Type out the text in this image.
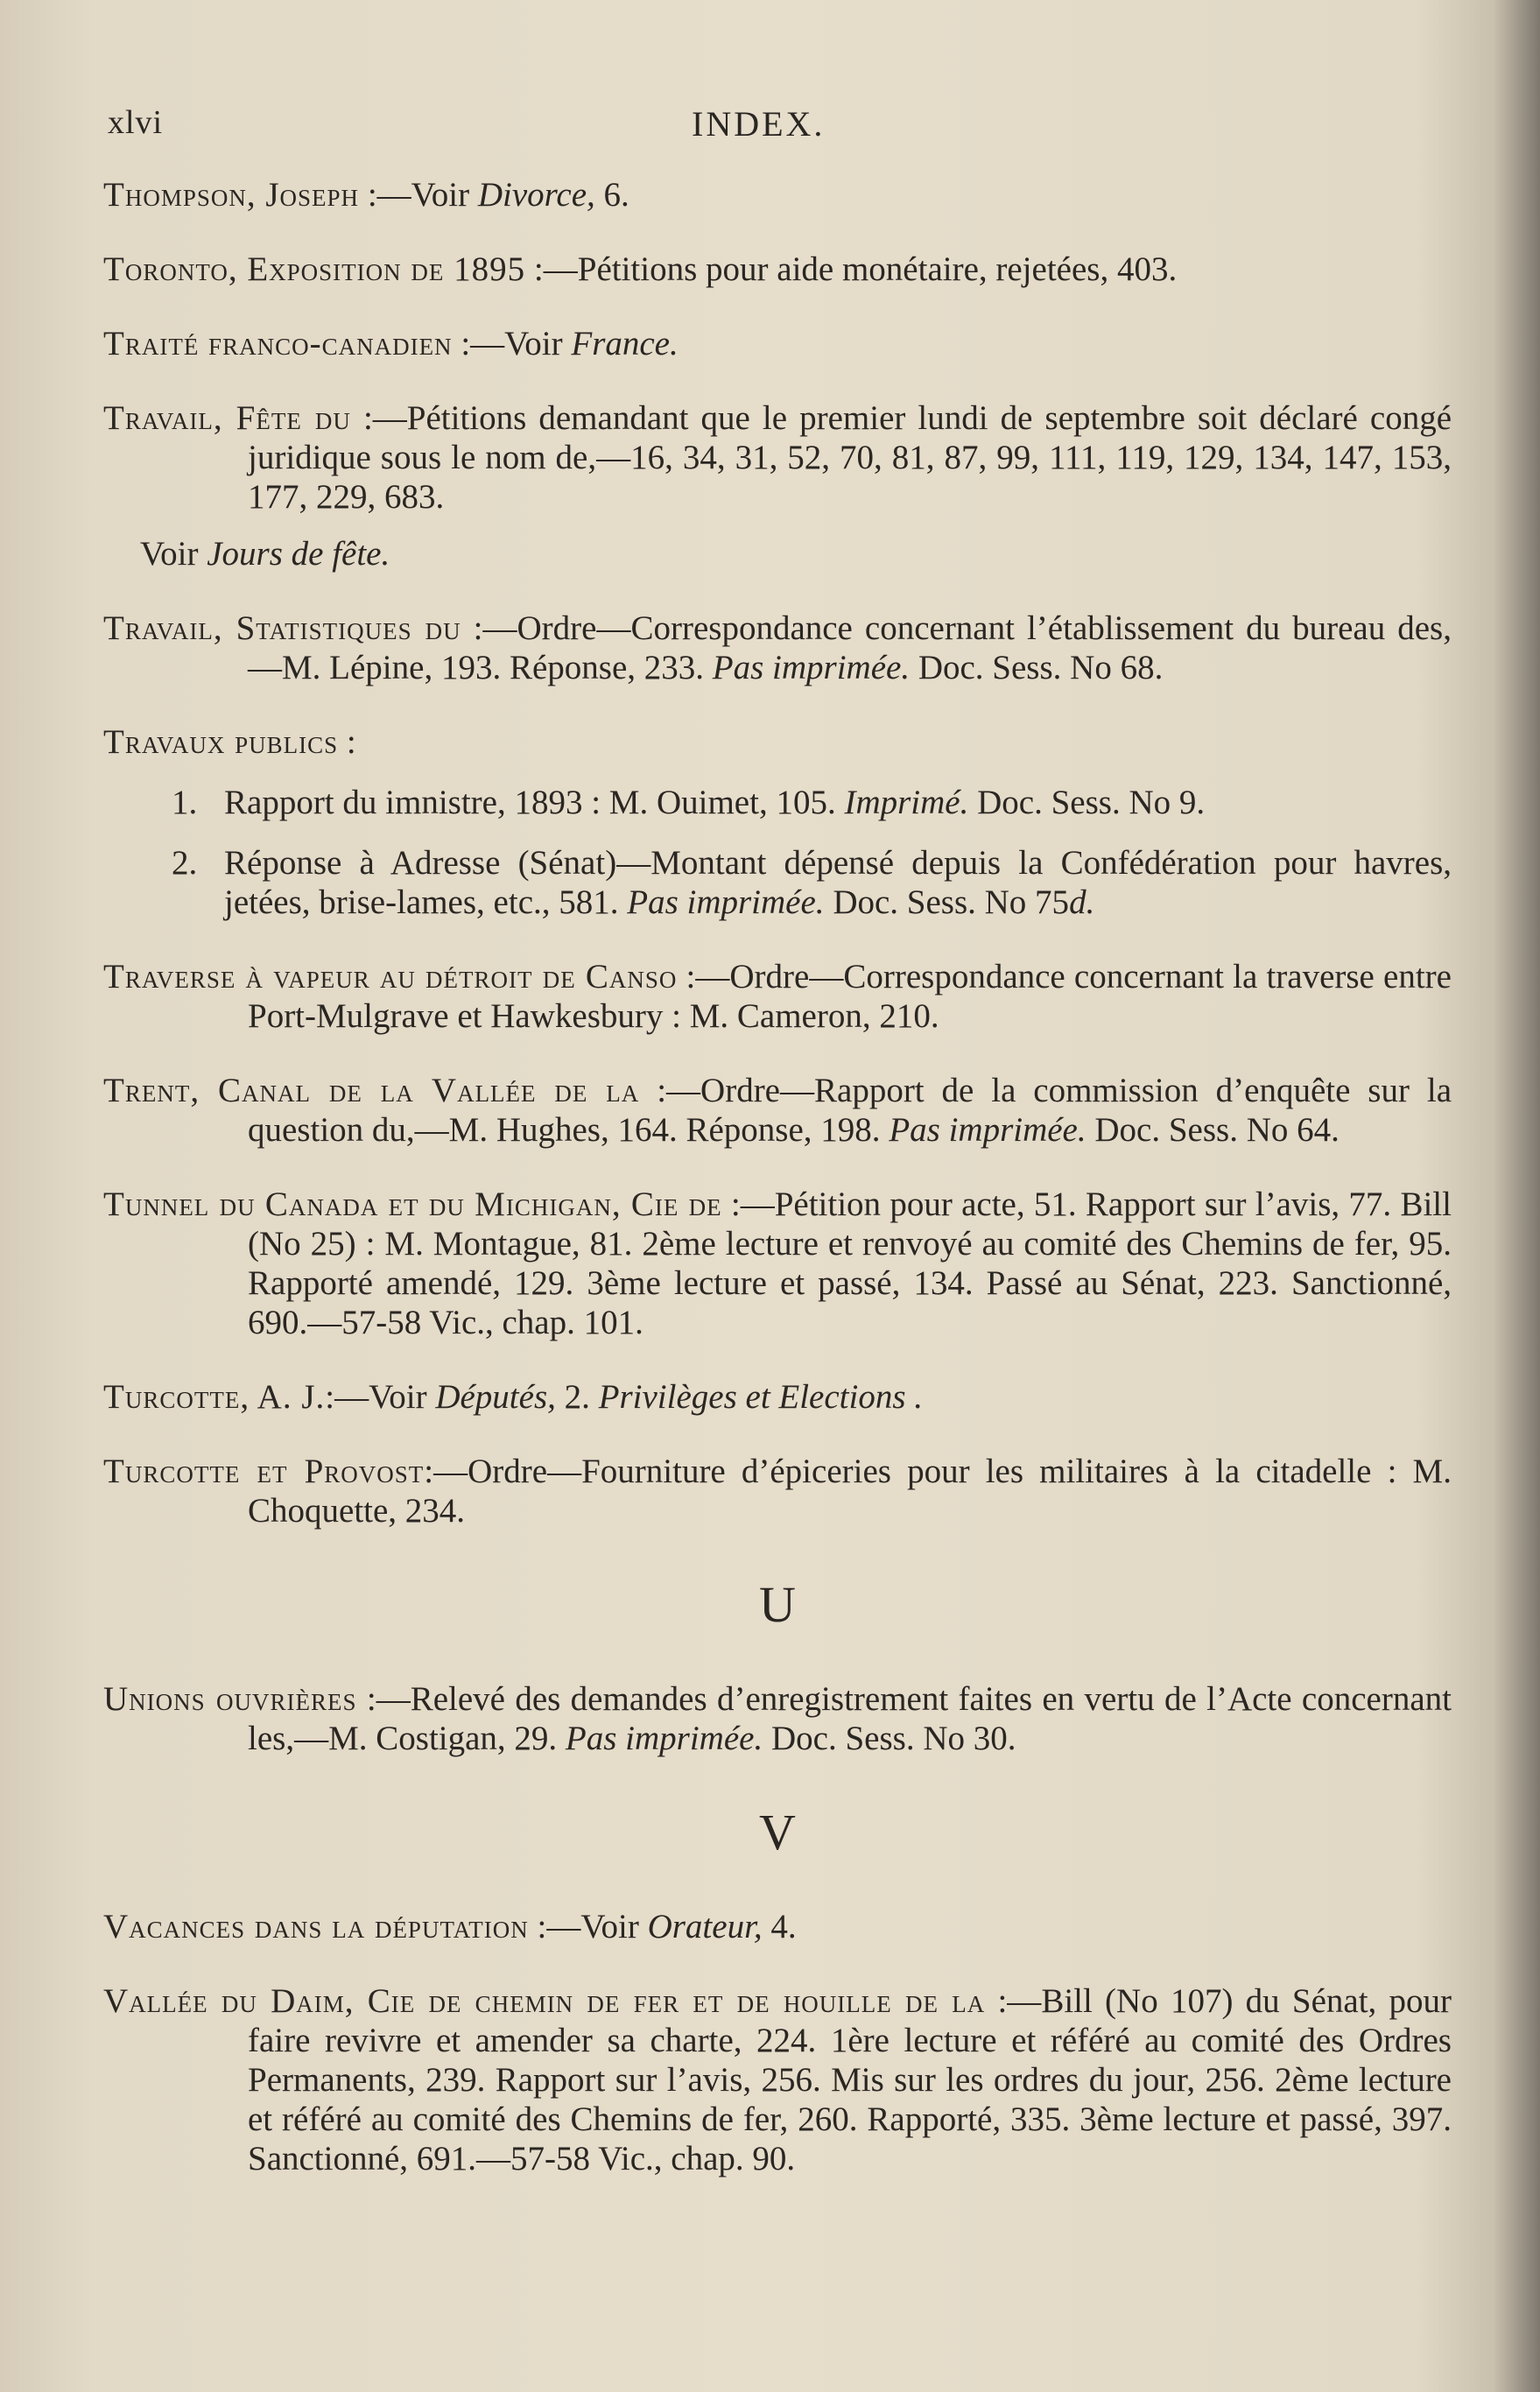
xlvi	INDEX.

Thompson, Joseph :—Voir Divorce, 6.

Toronto, Exposition de 1895 :—Pétitions pour aide monétaire, rejetées, 403.

Traité franco-canadien :—Voir France.

Travail, Fête du :—Pétitions demandant que le premier lundi de septembre soit déclaré congé juridique sous le nom de,—16, 34, 31, 52, 70, 81, 87, 99, 111, 119, 129, 134, 147, 153, 177, 229, 683.

Voir Jours de fête.

Travail, Statistiques du :—Ordre—Correspondance concernant l’établissement du bureau des,—M. Lépine, 193. Réponse, 233. Pas imprimée. Doc. Sess. No 68.

Travaux publics :

1. Rapport du imnistre, 1893 : M. Ouimet, 105. Imprimé. Doc. Sess. No 9.

2. Réponse à Adresse (Sénat)—Montant dépensé depuis la Confédération pour havres, jetées, brise-lames, etc., 581. Pas imprimée. Doc. Sess. No 75d.

Traverse à vapeur au détroit de Canso :—Ordre—Correspondance concernant la traverse entre Port-Mulgrave et Hawkesbury : M. Cameron, 210.

Trent, Canal de la Vallée de la :—Ordre—Rapport de la commission d’enquête sur la question du,—M. Hughes, 164. Réponse, 198. Pas imprimée. Doc. Sess. No 64.

Tunnel du Canada et du Michigan, Cie de :—Pétition pour acte, 51. Rapport sur l’avis, 77. Bill (No 25) : M. Montague, 81. 2ème lecture et renvoyé au comité des Chemins de fer, 95. Rapporté amendé, 129. 3ème lecture et passé, 134. Passé au Sénat, 223. Sanctionné, 690.—57-58 Vic., chap. 101.

Turcotte, A. J.:—Voir Députés, 2. Privilèges et Elections .

Turcotte et Provost:—Ordre—Fourniture d’épiceries pour les militaires à la citadelle : M. Choquette, 234.

U

Unions ouvrières :—Relevé des demandes d’enregistrement faites en vertu de l’Acte concernant les,—M. Costigan, 29. Pas imprimée. Doc. Sess. No 30.

V

Vacances dans la députation :—Voir Orateur, 4.

Vallée du Daim, Cie de chemin de fer et de houille de la :—Bill (No 107) du Sénat, pour faire revivre et amender sa charte, 224. 1ère lecture et référé au comité des Ordres Permanents, 239. Rapport sur l’avis, 256. Mis sur les ordres du jour, 256. 2ème lecture et référé au comité des Chemins de fer, 260. Rapporté, 335. 3ème lecture et passé, 397. Sanctionné, 691.—57-58 Vic., chap. 90.
